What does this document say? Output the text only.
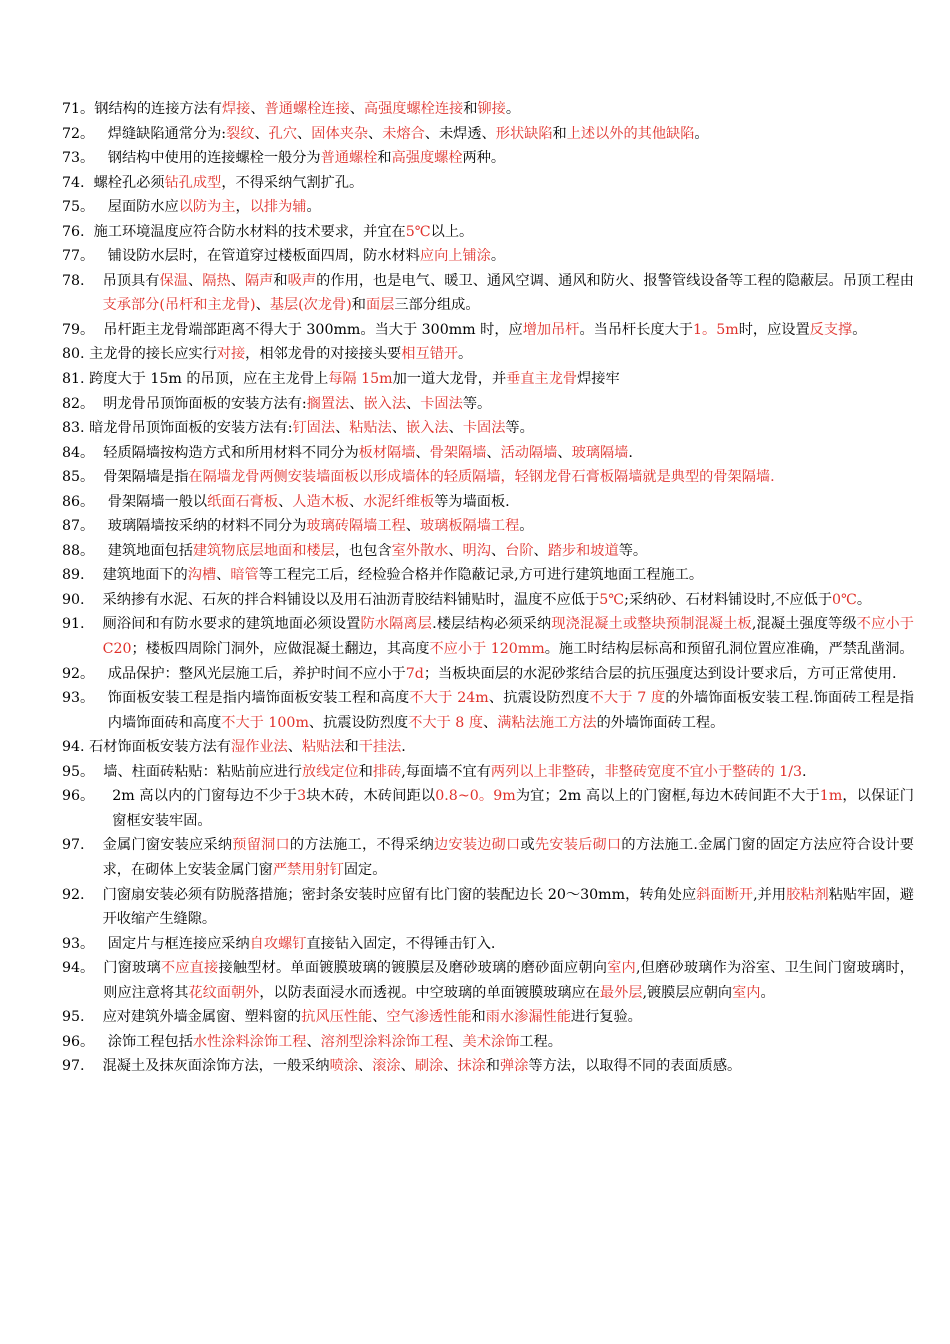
71。 钢结构的连接方法有焊接、普通螺栓连接、高强度螺栓连接和铆接。
72。 焊缝缺陷通常分为:裂纹、孔穴、固体夹杂、未熔合、未焊透、形状缺陷和上述以外的其他缺陷。
73。 钢结构中使用的连接螺栓一般分为普通螺栓和高强度螺栓两种。
74. 螺栓孔必须钻孔成型，不得采纳气割扩孔。
75。 屋面防水应以防为主，以排为辅。
76. 施工环境温度应符合防水材料的技术要求，并宜在5℃以上。
77。 铺设防水层时，在管道穿过楼板面四周，防水材料应向上铺涂。
78. 吊顶具有保温、隔热、隔声和吸声的作用，也是电气、暖卫、通风空调、通风和防火、报警管线设备等工程的隐蔽层。吊顶工程由支承部分(吊杆和主龙骨)、基层(次龙骨)和面层三部分组成。
79。 吊杆距主龙骨端部距离不得大于 300mm。当大于 300mm 时，应增加吊杆。当吊杆长度大于1。5m时，应设置反支撑。
80. 主龙骨的接长应实行对接，相邻龙骨的对接接头要相互错开。
81. 跨度大于 15m 的吊顶，应在主龙骨上每隔 15m加一道大龙骨，并垂直主龙骨焊接牢
82。 明龙骨吊顶饰面板的安装方法有:搁置法、嵌入法、卡固法等。
83. 暗龙骨吊顶饰面板的安装方法有:钉固法、粘贴法、嵌入法、卡固法等。
84。 轻质隔墙按构造方式和所用材料不同分为板材隔墙、骨架隔墙、活动隔墙、玻璃隔墙.
85。 骨架隔墙是指在隔墙龙骨两侧安装墙面板以形成墙体的轻质隔墙，轻钢龙骨石膏板隔墙就是典型的骨架隔墙.
86。 骨架隔墙一般以纸面石膏板、人造木板、水泥纤维板等为墙面板.
87。 玻璃隔墙按采纳的材料不同分为玻璃砖隔墙工程、玻璃板隔墙工程。
88。 建筑地面包括建筑物底层地面和楼层，也包含室外散水、明沟、台阶、踏步和坡道等。
89. 建筑地面下的沟槽、暗管等工程完工后，经检验合格并作隐蔽记录,方可进行建筑地面工程施工。
90. 采纳掺有水泥、石灰的拌合料铺设以及用石油沥青胶结料铺贴时，温度不应低于5℃;采纳砂、石材料铺设时,不应低于0℃。
91. 厕浴间和有防水要求的建筑地面必须设置防水隔离层.楼层结构必须采纳现浇混凝土或整块预制混凝土板,混凝土强度等级不应小于 C20；楼板四周除门洞外，应做混凝土翻边，其高度不应小于 120mm。施工时结构层标高和预留孔洞位置应准确，严禁乱凿洞。
92。 成品保护：整风光层施工后，养护时间不应小于7d；当板块面层的水泥砂浆结合层的抗压强度达到设计要求后，方可正常使用.
93。 饰面板安装工程是指内墙饰面板安装工程和高度不大于 24m、抗震设防烈度不大于 7 度的外墙饰面板安装工程.饰面砖工程是指内墙饰面砖和高度不大于 100m、抗震设防烈度不大于 8 度、满粘法施工方法的外墙饰面砖工程。
94. 石材饰面板安装方法有湿作业法、粘贴法和干挂法.
95。 墙、柱面砖粘贴：粘贴前应进行放线定位和排砖,每面墙不宜有两列以上非整砖，非整砖宽度不宜小于整砖的 1/3.
96。 2m 高以内的门窗每边不少于3块木砖，木砖间距以0.8~0。9m为宜；2m 高以上的门窗框,每边木砖间距不大于1m，以保证门窗框安装牢固。
97. 金属门窗安装应采纳预留洞口的方法施工，不得采纳边安装边砌口或先安装后砌口的方法施工.金属门窗的固定方法应符合设计要求，在砌体上安装金属门窗严禁用射钉固定。
92. 门窗扇安装必须有防脱落措施；密封条安装时应留有比门窗的装配边长 20～30mm，转角处应斜面断开,并用胶粘剂粘贴牢固，避开收缩产生缝隙。
93。 固定片与框连接应采纳自攻螺钉直接钻入固定，不得锤击钉入.
94。 门窗玻璃不应直接接触型材。单面镀膜玻璃的镀膜层及磨砂玻璃的磨砂面应朝向室内,但磨砂玻璃作为浴室、卫生间门窗玻璃时，则应注意将其花纹面朝外，以防表面浸水而透视。中空玻璃的单面镀膜玻璃应在最外层,镀膜层应朝向室内。
95. 应对建筑外墙金属窗、塑料窗的抗风压性能、空气渗透性能和雨水渗漏性能进行复验。
96。 涂饰工程包括水性涂料涂饰工程、溶剂型涂料涂饰工程、美术涂饰工程。
97. 混凝土及抹灰面涂饰方法，一般采纳喷涂、滚涂、刷涂、抹涂和弹涂等方法，以取得不同的表面质感。
